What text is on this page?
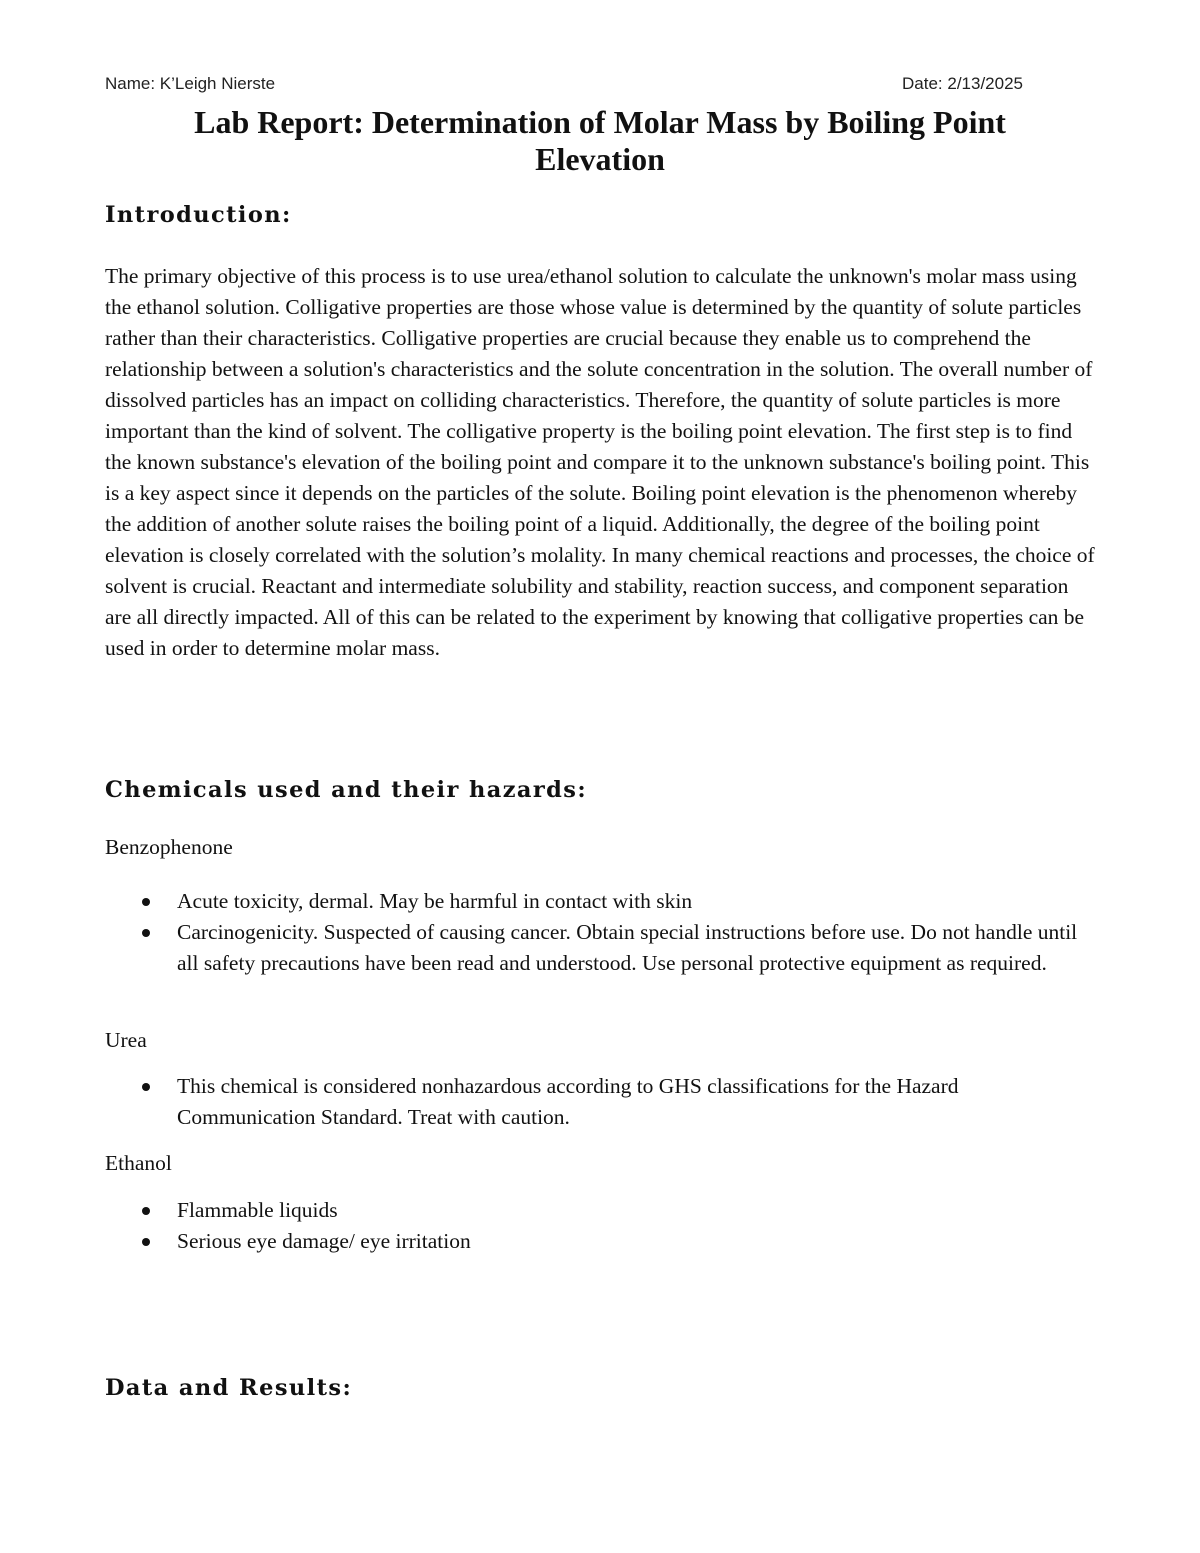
Name: K’Leigh Nierste	Date: 2/13/2025
Lab Report: Determination of Molar Mass by Boiling Point
Elevation
Introduction:

The primary objective of this process is to use urea/ethanol solution to calculate the unknown's molar mass using the ethanol solution. Colligative properties are those whose value is determined by the quantity of solute particles rather than their characteristics. Colligative properties are crucial because they enable us to comprehend the relationship between a solution's characteristics and the solute concentration in the solution. The overall number of dissolved particles has an impact on colliding characteristics. Therefore, the quantity of solute particles is more important than the kind of solvent. The colligative property is the boiling point elevation. The first step is to find the known substance's elevation of the boiling point and compare it to the unknown substance's boiling point. This is a key aspect since it depends on the particles of the solute. Boiling point elevation is the phenomenon whereby the addition of another solute raises the boiling point of a liquid. Additionally, the degree of the boiling point elevation is closely correlated with the solution’s molality. In many chemical reactions and processes, the choice of solvent is crucial. Reactant and intermediate solubility and stability, reaction success, and component separation are all directly impacted. All of this can be related to the experiment by knowing that colligative properties can be used in order to determine molar mass.

Chemicals used and their hazards:
Benzophenone
Acute toxicity, dermal. May be harmful in contact with skin
Carcinogenicity. Suspected of causing cancer. Obtain special instructions before use. Do not handle until all safety precautions have been read and understood. Use personal protective equipment as required.
Urea
This chemical is considered nonhazardous according to GHS classifications for the Hazard Communication Standard. Treat with caution.
Ethanol
Flammable liquids
Serious eye damage/ eye irritation
Data and Results:
